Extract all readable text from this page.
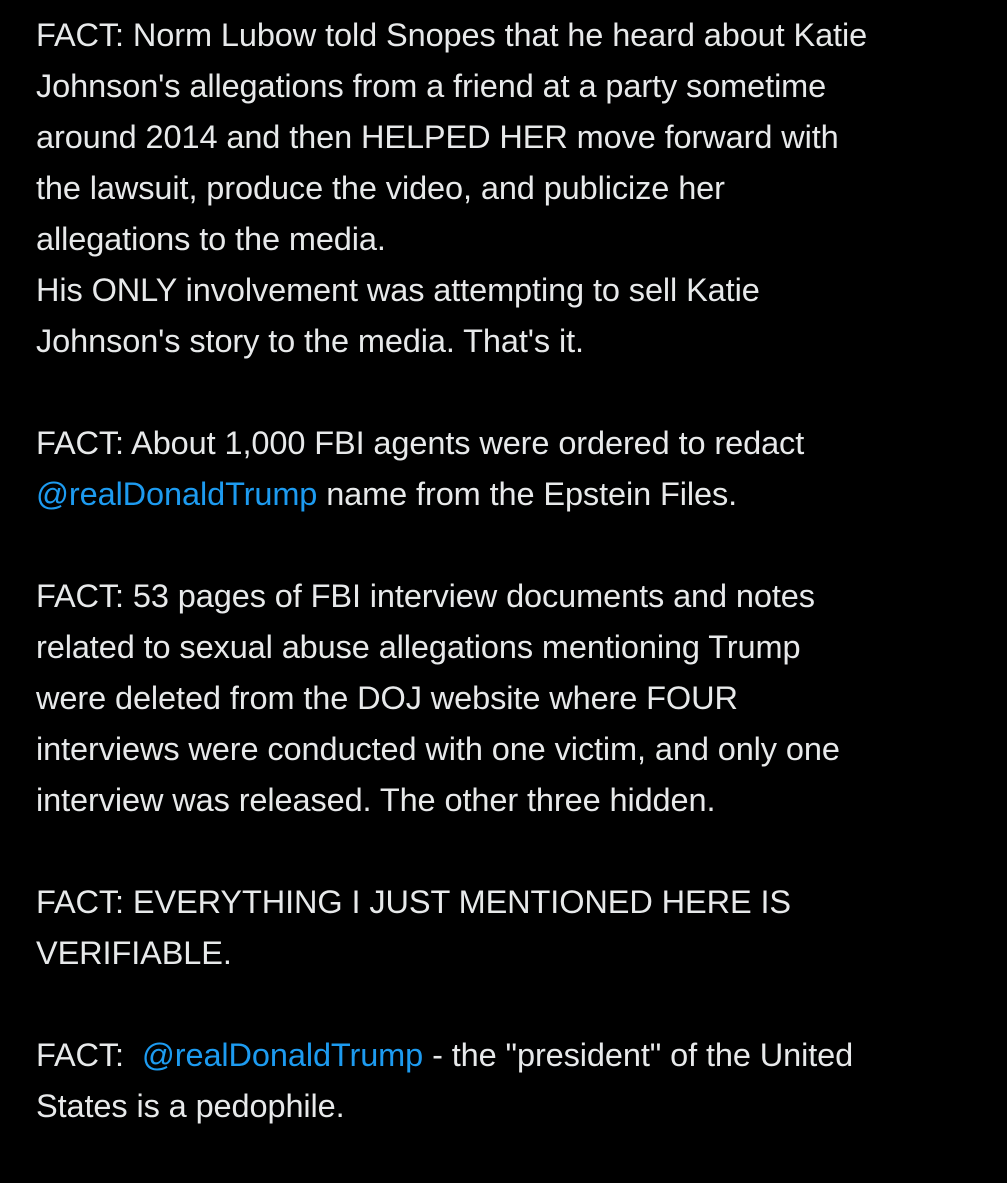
FACT: Norm Lubow told Snopes that he heard about Katie
Johnson's allegations from a friend at a party sometime
around 2014 and then HELPED HER move forward with
the lawsuit, produce the video, and publicize her
allegations to the media.
His ONLY involvement was attempting to sell Katie
Johnson's story to the media. That's it.
FACT: About 1,000 FBI agents were ordered to redact
@realDonaldTrump name from the Epstein Files.
FACT: 53 pages of FBI interview documents and notes
related to sexual abuse allegations mentioning Trump
were deleted from the DOJ website where FOUR
interviews were conducted with one victim, and only one
interview was released. The other three hidden.
FACT: EVERYTHING I JUST MENTIONED HERE IS
VERIFIABLE.
FACT:  @realDonaldTrump - the "president" of the United
States is a pedophile.
